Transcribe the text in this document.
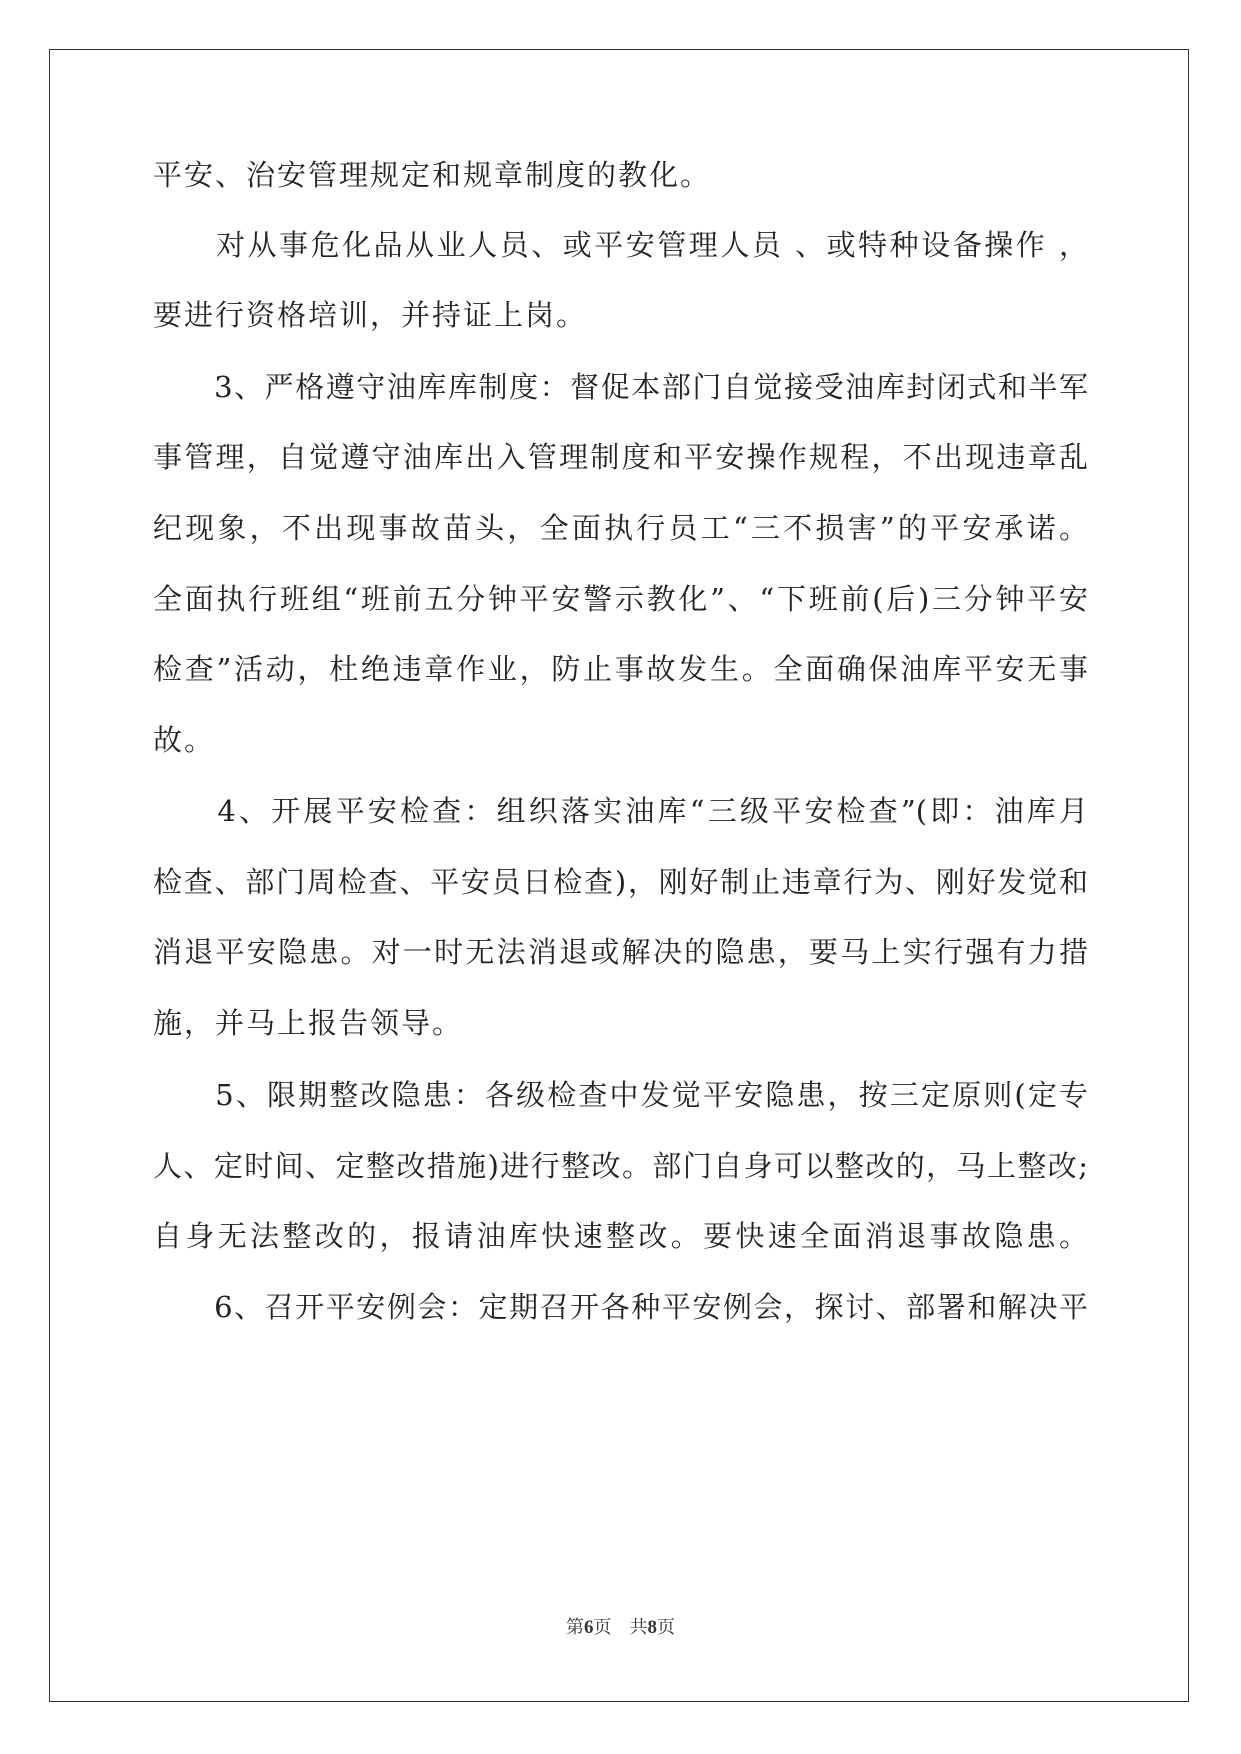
平安、治安管理规定和规章制度的教化。
　　对从事危化品从业人员、或平安管理人员 、或特种设备操作 ，
要进行资格培训，并持证上岗。
　　3、严格遵守油库库制度：督促本部门自觉接受油库封闭式和半军
事管理，自觉遵守油库出入管理制度和平安操作规程，不出现违章乱
纪现象，不出现事故苗头，全面执行员工“三不损害”的平安承诺。
全面执行班组“班前五分钟平安警示教化”、“下班前(后)三分钟平安
检查”活动，杜绝违章作业，防止事故发生。全面确保油库平安无事
故。
　　4、开展平安检查：组织落实油库“三级平安检查”(即：油库月
检查、部门周检查、平安员日检查)，刚好制止违章行为、刚好发觉和
消退平安隐患。对一时无法消退或解决的隐患，要马上实行强有力措
施，并马上报告领导。
　　5、限期整改隐患：各级检查中发觉平安隐患，按三定原则(定专
人、定时间、定整改措施)进行整改。部门自身可以整改的，马上整改;
自身无法整改的，报请油库快速整改。要快速全面消退事故隐患。
　　6、召开平安例会：定期召开各种平安例会，探讨、部署和解决平
第6页　共8页
